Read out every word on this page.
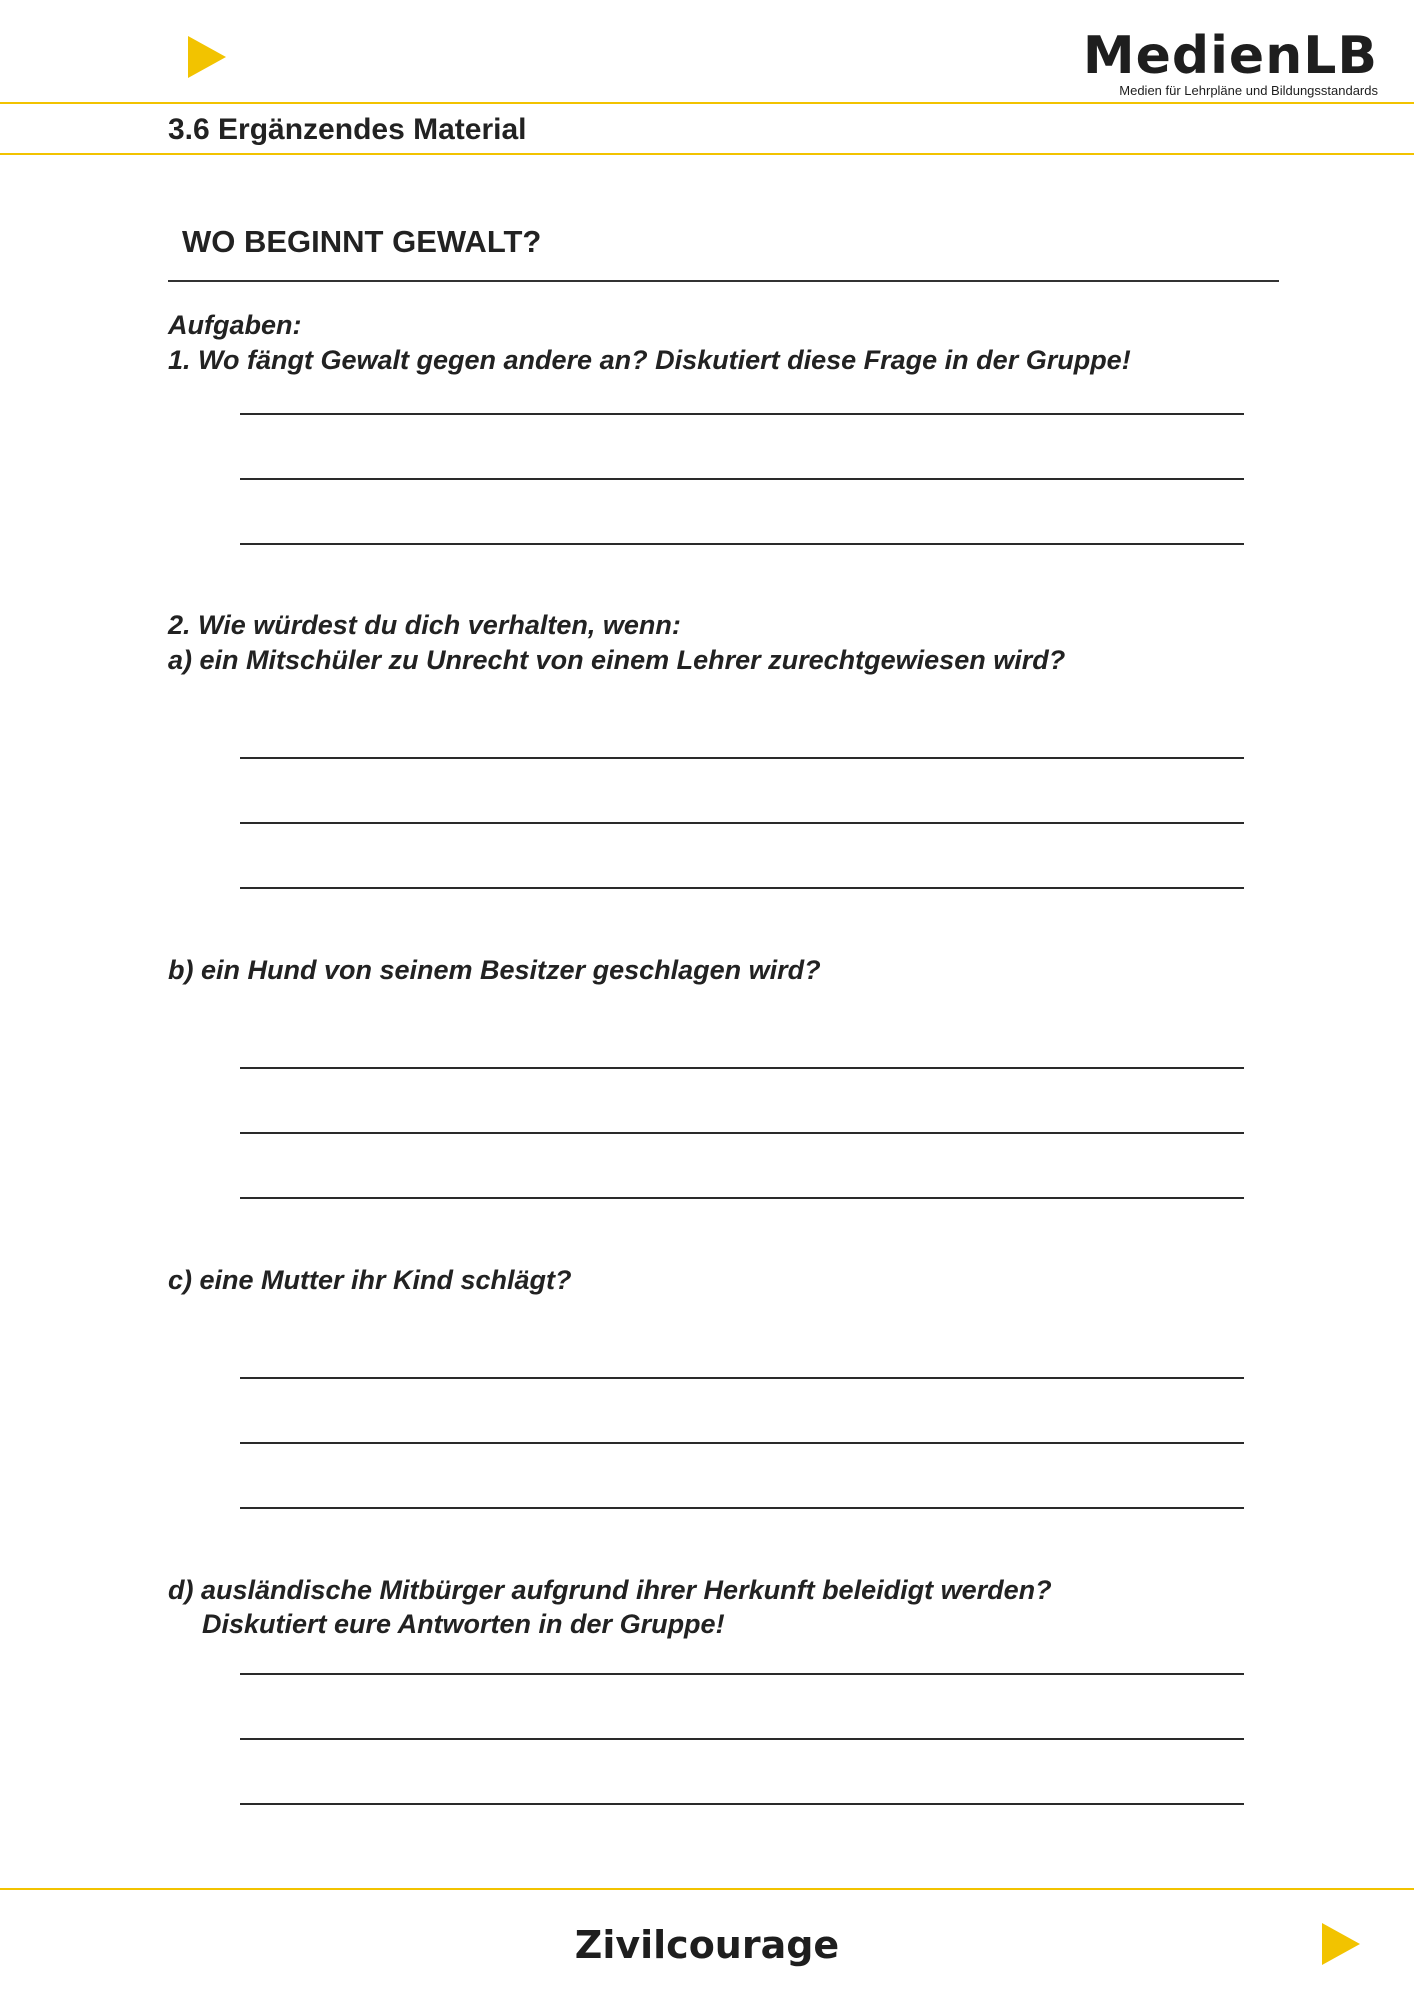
MedienLB
Medien für Lehrpläne und Bildungsstandards
3.6 Ergänzendes Material
WO BEGINNT GEWALT?
Aufgaben:
1. Wo fängt Gewalt gegen andere an? Diskutiert diese Frage in der Gruppe!
2. Wie würdest du dich verhalten, wenn:
a) ein Mitschüler zu Unrecht von einem Lehrer zurechtgewiesen wird?
b) ein Hund von seinem Besitzer geschlagen wird?
c) eine Mutter ihr Kind schlägt?
d) ausländische Mitbürger aufgrund ihrer Herkunft beleidigt werden?
Diskutiert eure Antworten in der Gruppe!
Zivilcourage
